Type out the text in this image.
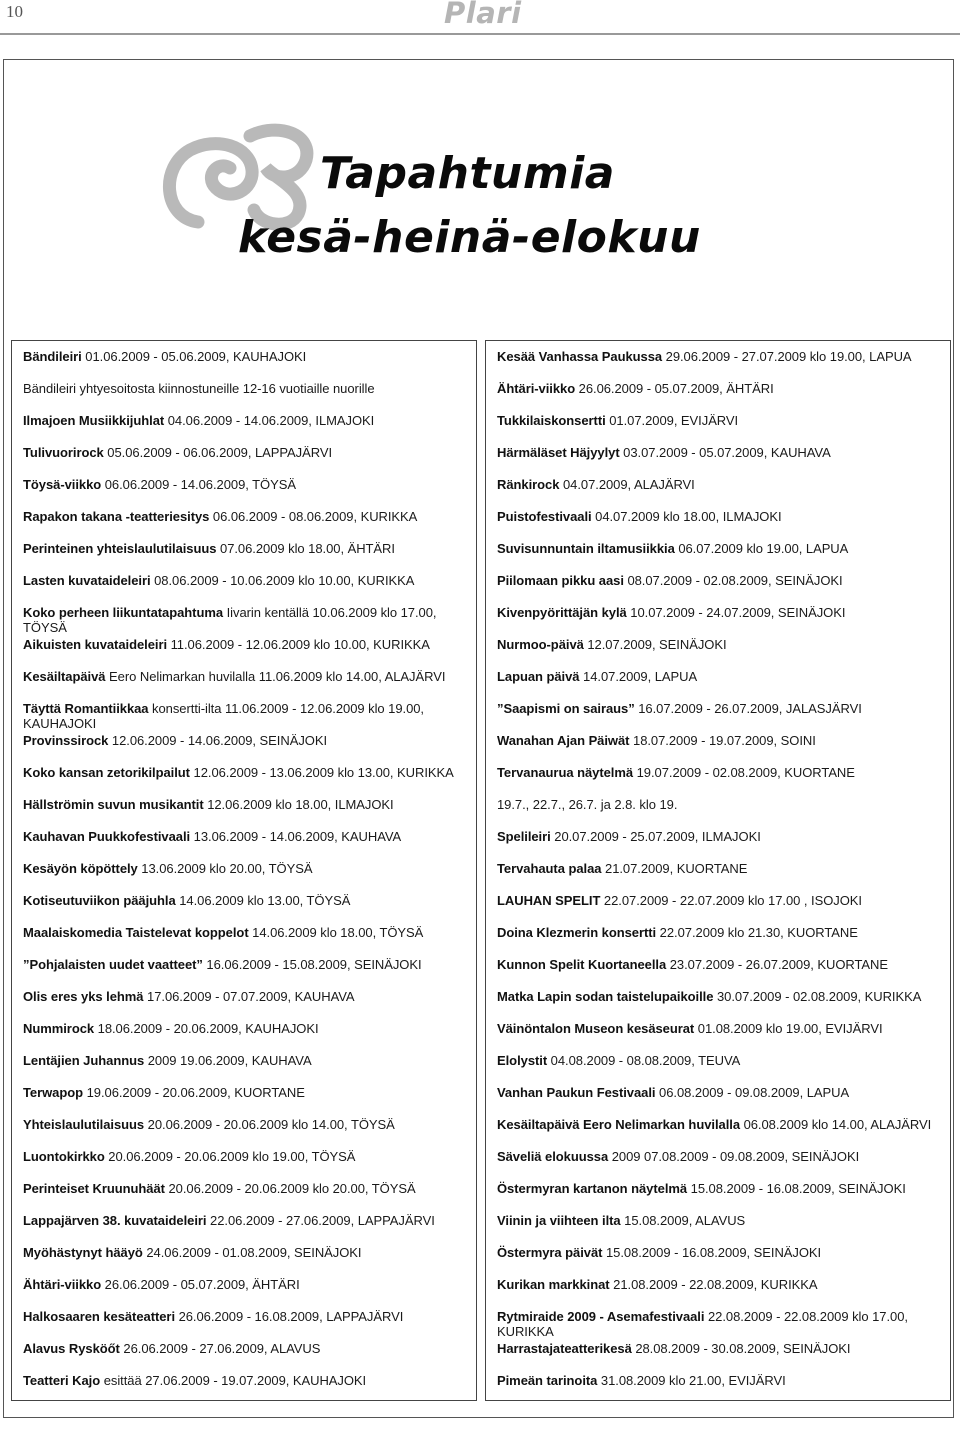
10	Plari
Tapahtumia
kesä-heinä-elokuu
Bändileiri 01.06.2009 - 05.06.2009, KAUHAJOKI
Bändileiri yhtyesoitosta kiinnostuneille 12-16 vuotiaille nuorille
Ilmajoen Musiikkijuhlat 04.06.2009 - 14.06.2009, ILMAJOKI
Tulivuorirock 05.06.2009 - 06.06.2009, LAPPAJÄRVI
Töysä-viikko 06.06.2009 - 14.06.2009, TÖYSÄ
Rapakon takana -teatteriesitys 06.06.2009 - 08.06.2009, KURIKKA
Perinteinen yhteislaulutilaisuus 07.06.2009 klo 18.00, ÄHTÄRI
Lasten kuvataideleiri 08.06.2009 - 10.06.2009 klo 10.00, KURIKKA
Koko perheen liikuntatapahtuma Iivarin kentällä 10.06.2009 klo 17.00, TÖYSÄ
Aikuisten kuvataideleiri 11.06.2009 - 12.06.2009 klo 10.00, KURIKKA
Kesäiltapäivä Eero Nelimarkan huvilalla 11.06.2009 klo 14.00, ALAJÄRVI
Täyttä Romantiikkaa konsertti-ilta 11.06.2009 - 12.06.2009 klo 19.00, KAUHAJOKI
Provinssirock 12.06.2009 - 14.06.2009, SEINÄJOKI
Koko kansan zetorikilpailut 12.06.2009 - 13.06.2009 klo 13.00, KURIKKA
Hällströmin suvun musikantit 12.06.2009 klo 18.00, ILMAJOKI
Kauhavan Puukkofestivaali 13.06.2009 - 14.06.2009, KAUHAVA
Kesäyön köpöttely 13.06.2009 klo 20.00, TÖYSÄ
Kotiseutuviikon pääjuhla 14.06.2009 klo 13.00, TÖYSÄ
Maalaiskomedia Taistelevat koppelot 14.06.2009 klo 18.00, TÖYSÄ
”Pohjalaisten uudet vaatteet” 16.06.2009 - 15.08.2009, SEINÄJOKI
Olis eres yks lehmä 17.06.2009 - 07.07.2009, KAUHAVA
Nummirock 18.06.2009 - 20.06.2009, KAUHAJOKI
Lentäjien Juhannus 2009 19.06.2009, KAUHAVA
Terwapop 19.06.2009 - 20.06.2009, KUORTANE
Yhteislaulutilaisuus 20.06.2009 - 20.06.2009 klo 14.00, TÖYSÄ
Luontokirkko 20.06.2009 - 20.06.2009 klo 19.00, TÖYSÄ
Perinteiset Kruunuhäät 20.06.2009 - 20.06.2009 klo 20.00, TÖYSÄ
Lappajärven 38. kuvataideleiri 22.06.2009 - 27.06.2009, LAPPAJÄRVI
Myöhästynyt hääyö 24.06.2009 - 01.08.2009, SEINÄJOKI
Ähtäri-viikko 26.06.2009 - 05.07.2009, ÄHTÄRI
Halkosaaren kesäteatteri 26.06.2009 - 16.08.2009, LAPPAJÄRVI
Alavus Rysköőt 26.06.2009 - 27.06.2009, ALAVUS
Teatteri Kajo esittää 27.06.2009 - 19.07.2009, KAUHAJOKI
Kesää Vanhassa Paukussa 29.06.2009 - 27.07.2009 klo 19.00, LAPUA
Ähtäri-viikko 26.06.2009 - 05.07.2009, ÄHTÄRI
Tukkilaiskonsertti 01.07.2009, EVIJÄRVI
Härmäläset Häjyylyt 03.07.2009 - 05.07.2009, KAUHAVA
Ränkirock 04.07.2009, ALAJÄRVI
Puistofestivaali 04.07.2009 klo 18.00, ILMAJOKI
Suvisunnuntain iltamusiikkia 06.07.2009 klo 19.00, LAPUA
Piilomaan pikku aasi 08.07.2009 - 02.08.2009, SEINÄJOKI
Kivenpyörittäjän kylä 10.07.2009 - 24.07.2009, SEINÄJOKI
Nurmoo-päivä 12.07.2009, SEINÄJOKI
Lapuan päivä 14.07.2009, LAPUA
”Saapismi on sairaus” 16.07.2009 - 26.07.2009, JALASJÄRVI
Wanahan Ajan Päiwät 18.07.2009 - 19.07.2009, SOINI
Tervanaurua näytelmä 19.07.2009 - 02.08.2009, KUORTANE
19.7., 22.7., 26.7. ja 2.8. klo 19.
Spelileiri 20.07.2009 - 25.07.2009, ILMAJOKI
Tervahauta palaa 21.07.2009, KUORTANE
LAUHAN SPELIT 22.07.2009 - 22.07.2009 klo 17.00 , ISOJOKI
Doina Klezmerin konsertti 22.07.2009 klo 21.30, KUORTANE
Kunnon Spelit Kuortaneella 23.07.2009 - 26.07.2009, KUORTANE
Matka Lapin sodan taistelupaikoille 30.07.2009 - 02.08.2009, KURIKKA
Väinöntalon Museon kesäseurat 01.08.2009 klo 19.00, EVIJÄRVI
Elolystit 04.08.2009 - 08.08.2009, TEUVA
Vanhan Paukun Festivaali 06.08.2009 - 09.08.2009, LAPUA
Kesäiltapäivä Eero Nelimarkan huvilalla 06.08.2009 klo 14.00, ALAJÄRVI
Säveliä elokuussa 2009 07.08.2009 - 09.08.2009, SEINÄJOKI
Östermyran kartanon näytelmä 15.08.2009 - 16.08.2009, SEINÄJOKI
Viinin ja viihteen ilta 15.08.2009, ALAVUS
Östermyra päivät 15.08.2009 - 16.08.2009, SEINÄJOKI
Kurikan markkinat 21.08.2009 - 22.08.2009, KURIKKA
Rytmiraide 2009 - Asemafestivaali 22.08.2009 - 22.08.2009 klo 17.00, KURIKKA
Harrastajateatterikesä 28.08.2009 - 30.08.2009, SEINÄJOKI
Pimeän tarinoita 31.08.2009 klo 21.00, EVIJÄRVI
